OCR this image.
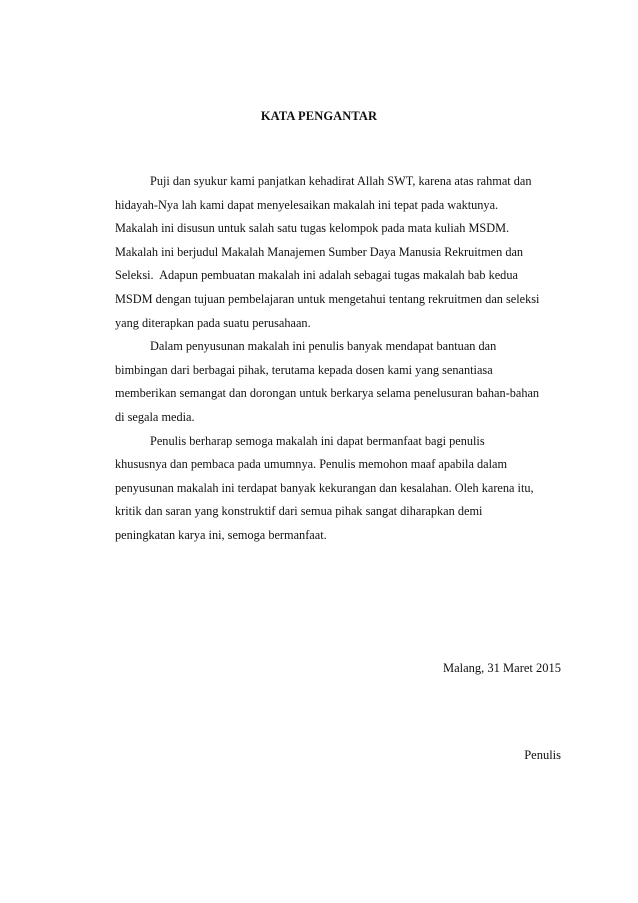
KATA PENGANTAR

Puji dan syukur kami panjatkan kehadirat Allah SWT, karena atas rahmat dan
hidayah-Nya lah kami dapat menyelesaikan makalah ini tepat pada waktunya.
Makalah ini disusun untuk salah satu tugas kelompok pada mata kuliah MSDM.
Makalah ini berjudul Makalah Manajemen Sumber Daya Manusia Rekruitmen dan
Seleksi.  Adapun pembuatan makalah ini adalah sebagai tugas makalah bab kedua
MSDM dengan tujuan pembelajaran untuk mengetahui tentang rekruitmen dan seleksi
yang diterapkan pada suatu perusahaan.

Dalam penyusunan makalah ini penulis banyak mendapat bantuan dan
bimbingan dari berbagai pihak, terutama kepada dosen kami yang senantiasa
memberikan semangat dan dorongan untuk berkarya selama penelusuran bahan-bahan
di segala media.

Penulis berharap semoga makalah ini dapat bermanfaat bagi penulis
khususnya dan pembaca pada umumnya. Penulis memohon maaf apabila dalam
penyusunan makalah ini terdapat banyak kekurangan dan kesalahan. Oleh karena itu,
kritik dan saran yang konstruktif dari semua pihak sangat diharapkan demi
peningkatan karya ini, semoga bermanfaat.

Malang, 31 Maret 2015
Penulis
